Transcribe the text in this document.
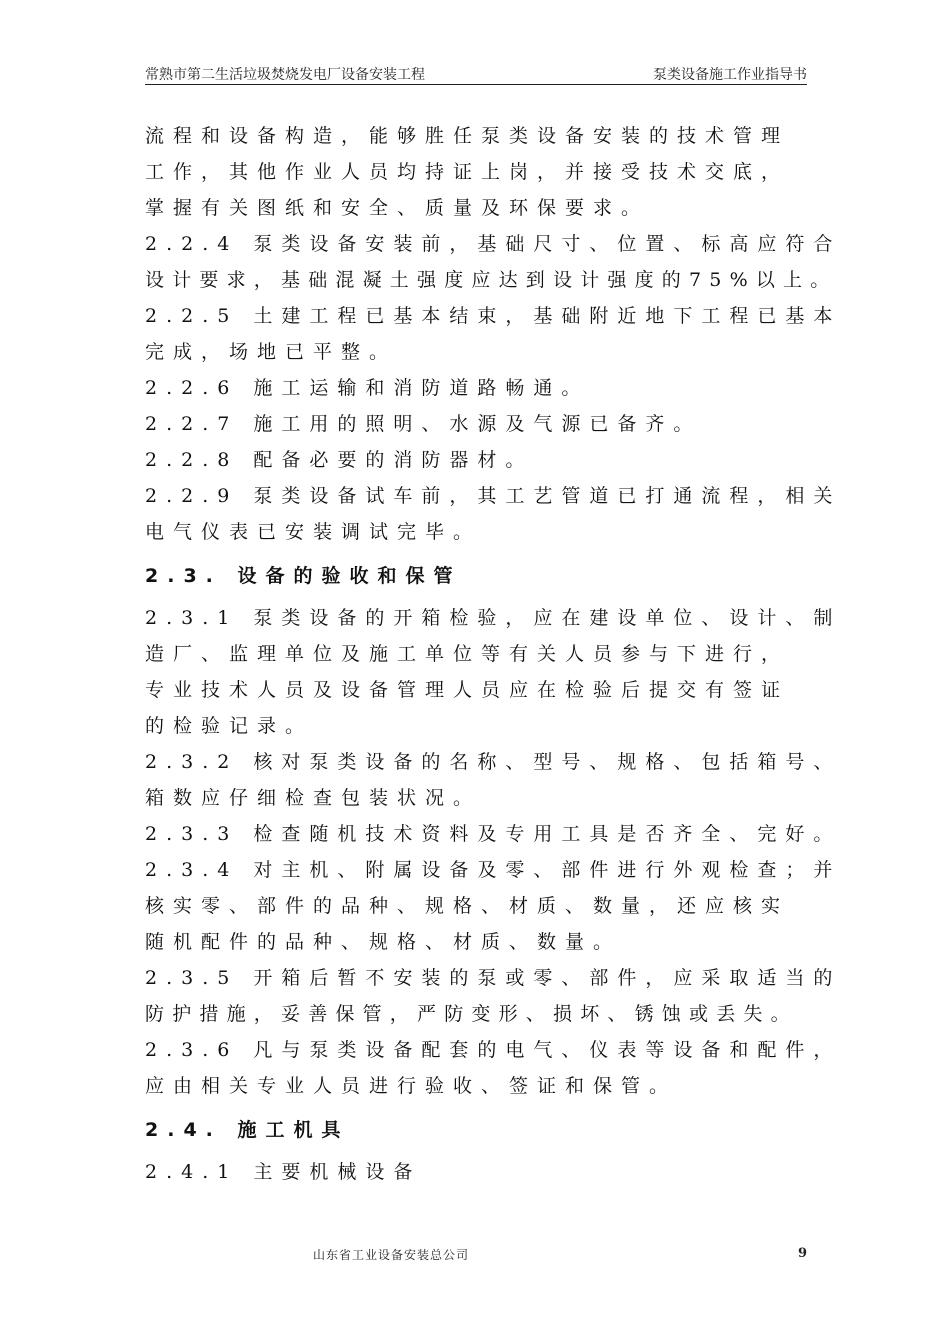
常熟市第二生活垃圾焚烧发电厂设备安装工程	泵类设备施工作业指导书
流程和设备构造，能够胜任泵类设备安装的技术管理
工作，其他作业人员均持证上岗，并接受技术交底，
掌握有关图纸和安全、质量及环保要求。
2.2.4 泵类设备安装前，基础尺寸、位置、标高应符合
设计要求，基础混凝土强度应达到设计强度的75%以上。
2.2.5 土建工程已基本结束，基础附近地下工程已基本
完成，场地已平整。
2.2.6 施工运输和消防道路畅通。
2.2.7 施工用的照明、水源及气源已备齐。
2.2.8 配备必要的消防器材。
2.2.9 泵类设备试车前，其工艺管道已打通流程，相关
电气仪表已安装调试完毕。
2.3. 设备的验收和保管
2.3.1 泵类设备的开箱检验，应在建设单位、设计、制
造厂、监理单位及施工单位等有关人员参与下进行，
专业技术人员及设备管理人员应在检验后提交有签证
的检验记录。
2.3.2 核对泵类设备的名称、型号、规格、包括箱号、
箱数应仔细检查包装状况。
2.3.3 检查随机技术资料及专用工具是否齐全、完好。
2.3.4 对主机、附属设备及零、部件进行外观检查；并
核实零、部件的品种、规格、材质、数量，还应核实
随机配件的品种、规格、材质、数量。
2.3.5 开箱后暂不安装的泵或零、部件，应采取适当的
防护措施，妥善保管，严防变形、损坏、锈蚀或丢失。
2.3.6 凡与泵类设备配套的电气、仪表等设备和配件，
应由相关专业人员进行验收、签证和保管。
2.4. 施工机具
2.4.1 主要机械设备
山东省工业设备安装总公司	9
